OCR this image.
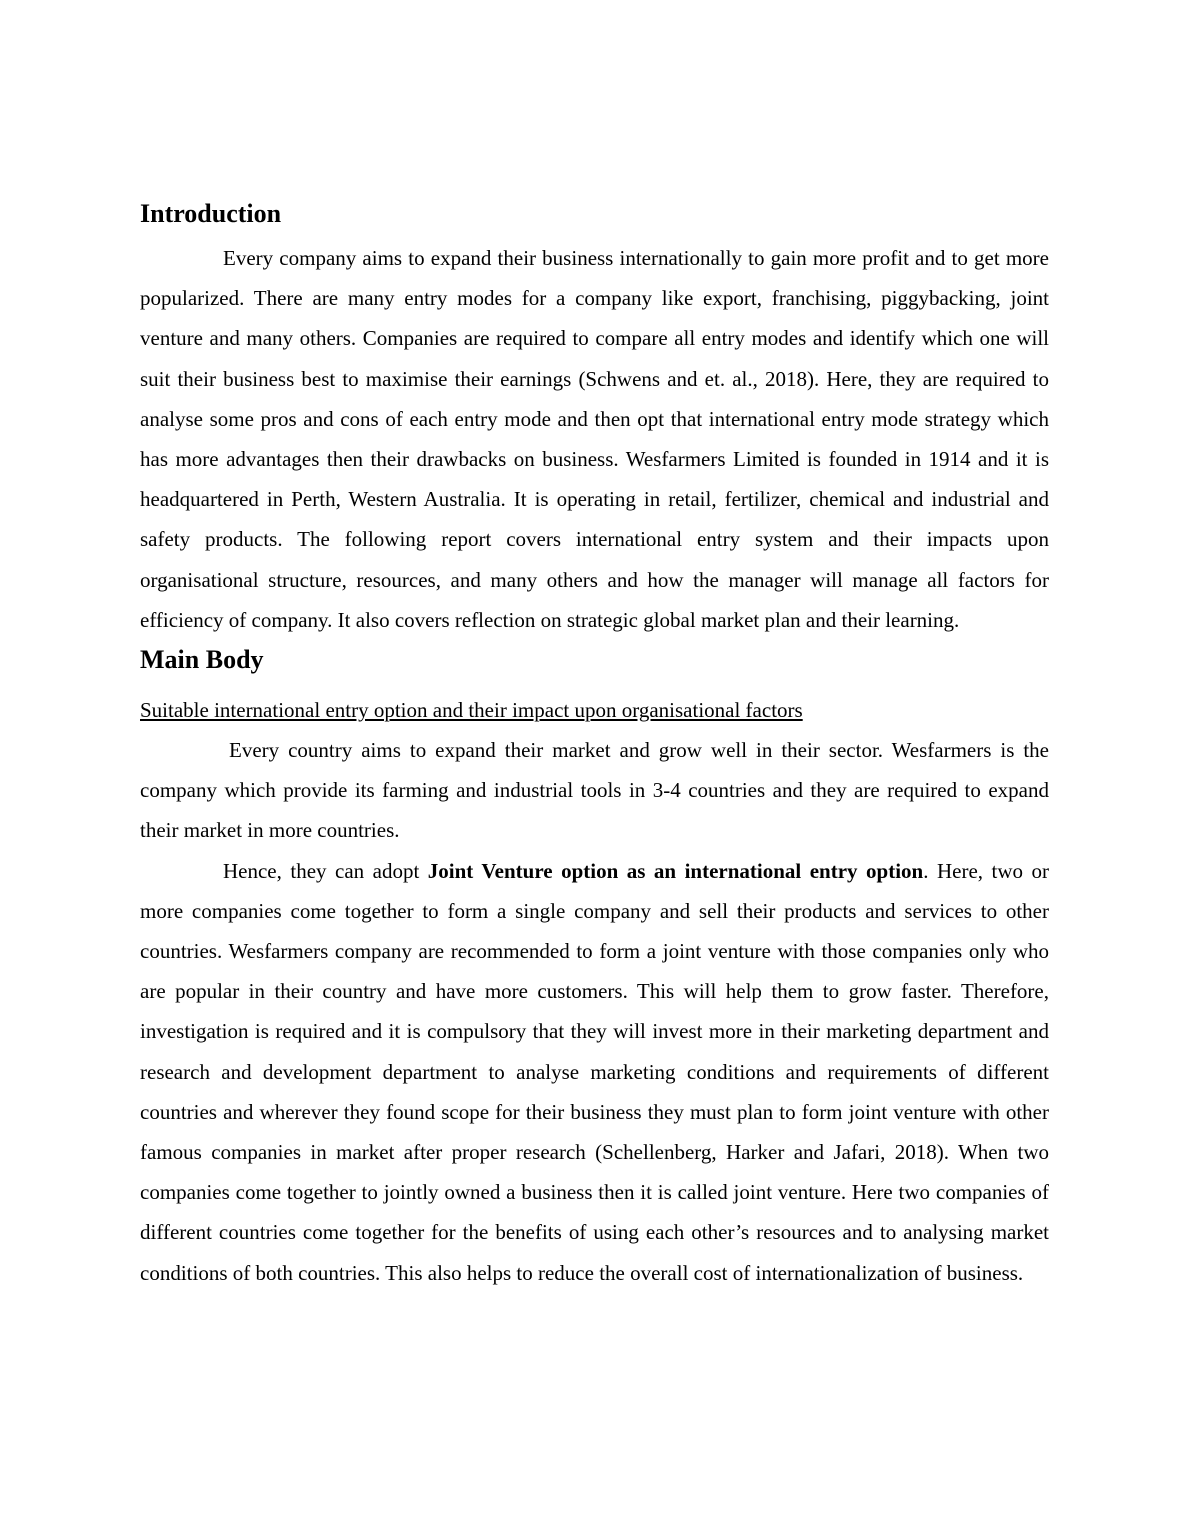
Introduction

Every company aims to expand their business internationally to gain more profit and to get more popularized. There are many entry modes for a company like export, franchising, piggybacking, joint venture and many others. Companies are required to compare all entry modes and identify which one will suit their business best to maximise their earnings (Schwens and et. al., 2018). Here, they are required to analyse some pros and cons of each entry mode and then opt that international entry mode strategy which has more advantages then their drawbacks on business. Wesfarmers Limited is founded in 1914 and it is headquartered in Perth, Western Australia. It is operating in retail, fertilizer, chemical and industrial and safety products. The following report covers international entry system and their impacts upon organisational structure, resources, and many others and how the manager will manage all factors for efficiency of company. It also covers reflection on strategic global market plan and their learning.

Main Body

Suitable international entry option and their impact upon organisational factors

Every country aims to expand their market and grow well in their sector. Wesfarmers is the company which provide its farming and industrial tools in 3-4 countries and they are required to expand their market in more countries.

Hence, they can adopt Joint Venture option as an international entry option. Here, two or more companies come together to form a single company and sell their products and services to other countries. Wesfarmers company are recommended to form a joint venture with those companies only who are popular in their country and have more customers. This will help them to grow faster. Therefore, investigation is required and it is compulsory that they will invest more in their marketing department and research and development department to analyse marketing conditions and requirements of different countries and wherever they found scope for their business they must plan to form joint venture with other famous companies in market after proper research (Schellenberg, Harker and Jafari, 2018). When two companies come together to jointly owned a business then it is called joint venture. Here two companies of different countries come together for the benefits of using each other’s resources and to analysing market conditions of both countries. This also helps to reduce the overall cost of internationalization of business.
